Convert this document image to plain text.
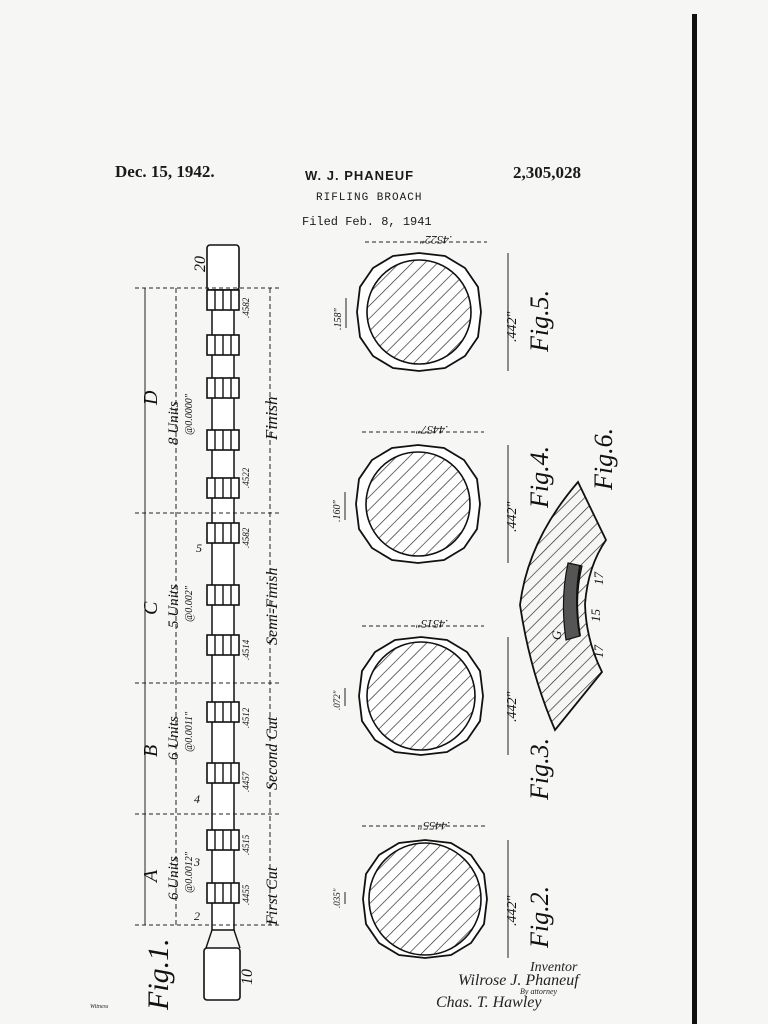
Dec. 15, 1942.	W. J. PHANEUF	2,305,028
RIFLING BROACH
Filed Feb. 8, 1941
D
8 Units @0.0000"	Finish
C 5 Units @0.002"	Semi-Finish
B 6 Units @0.0011"	Second Cut
A 6 Units @0.0012"	First Cut
.4455
.4515
.4457
.4512
.4514
.4582
.4522
.4582
2
3
4
5
10
20
Fig.1.
.4522"
.158"	.442"
.4457"
.160"	.442"
.4515"
.072"	.442"
.4455"
.035"	.442"
Fig.5.
Fig.4.
Fig.3.
Fig.2.
Fig.6.
17
15
17
G
Inventor
Wilrose J. Phaneuf
By attorney
Chas. T. Hawley
Witness
